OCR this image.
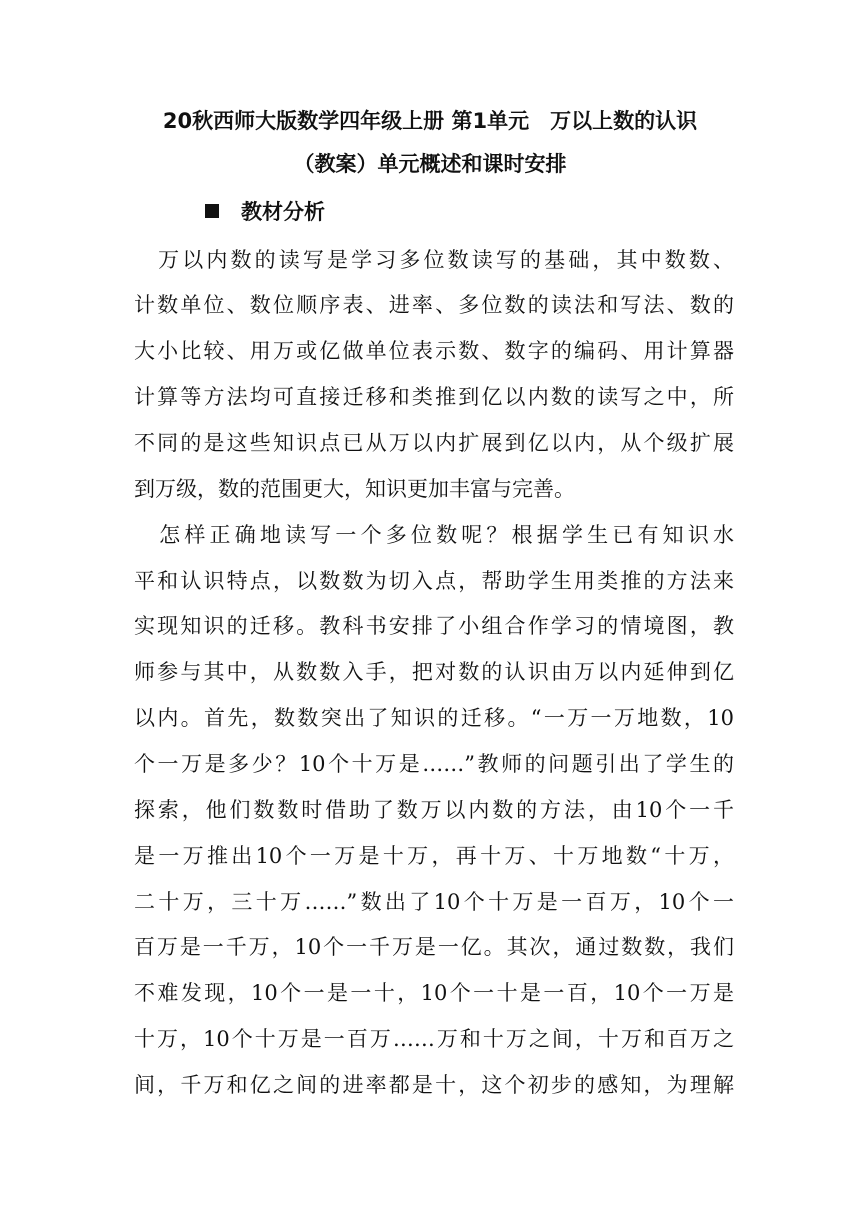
20秋西师大版数学四年级上册 第1单元　万以上数的认识
（教案）单元概述和课时安排
教材分析
　万以内数的读写是学习多位数读写的基础，其中数数、
计数单位、数位顺序表、进率、多位数的读法和写法、数的
大小比较、用万或亿做单位表示数、数字的编码、用计算器
计算等方法均可直接迁移和类推到亿以内数的读写之中，所
不同的是这些知识点已从万以内扩展到亿以内，从个级扩展
到万级，数的范围更大，知识更加丰富与完善。
　怎样正确地读写一个多位数呢？根据学生已有知识水
平和认识特点，以数数为切入点，帮助学生用类推的方法来
实现知识的迁移。教科书安排了小组合作学习的情境图，教
师参与其中，从数数入手，把对数的认识由万以内延伸到亿
以内。首先，数数突出了知识的迁移。“一万一万地数，10
个一万是多少？10个十万是……”教师的问题引出了学生的
探索，他们数数时借助了数万以内数的方法，由10个一千
是一万推出10个一万是十万，再十万、十万地数“十万，
二十万，三十万……”数出了10个十万是一百万，10个一
百万是一千万，10个一千万是一亿。其次，通过数数，我们
不难发现，10个一是一十，10个一十是一百，10个一万是
十万，10个十万是一百万……万和十万之间，十万和百万之
间，千万和亿之间的进率都是十，这个初步的感知，为理解
